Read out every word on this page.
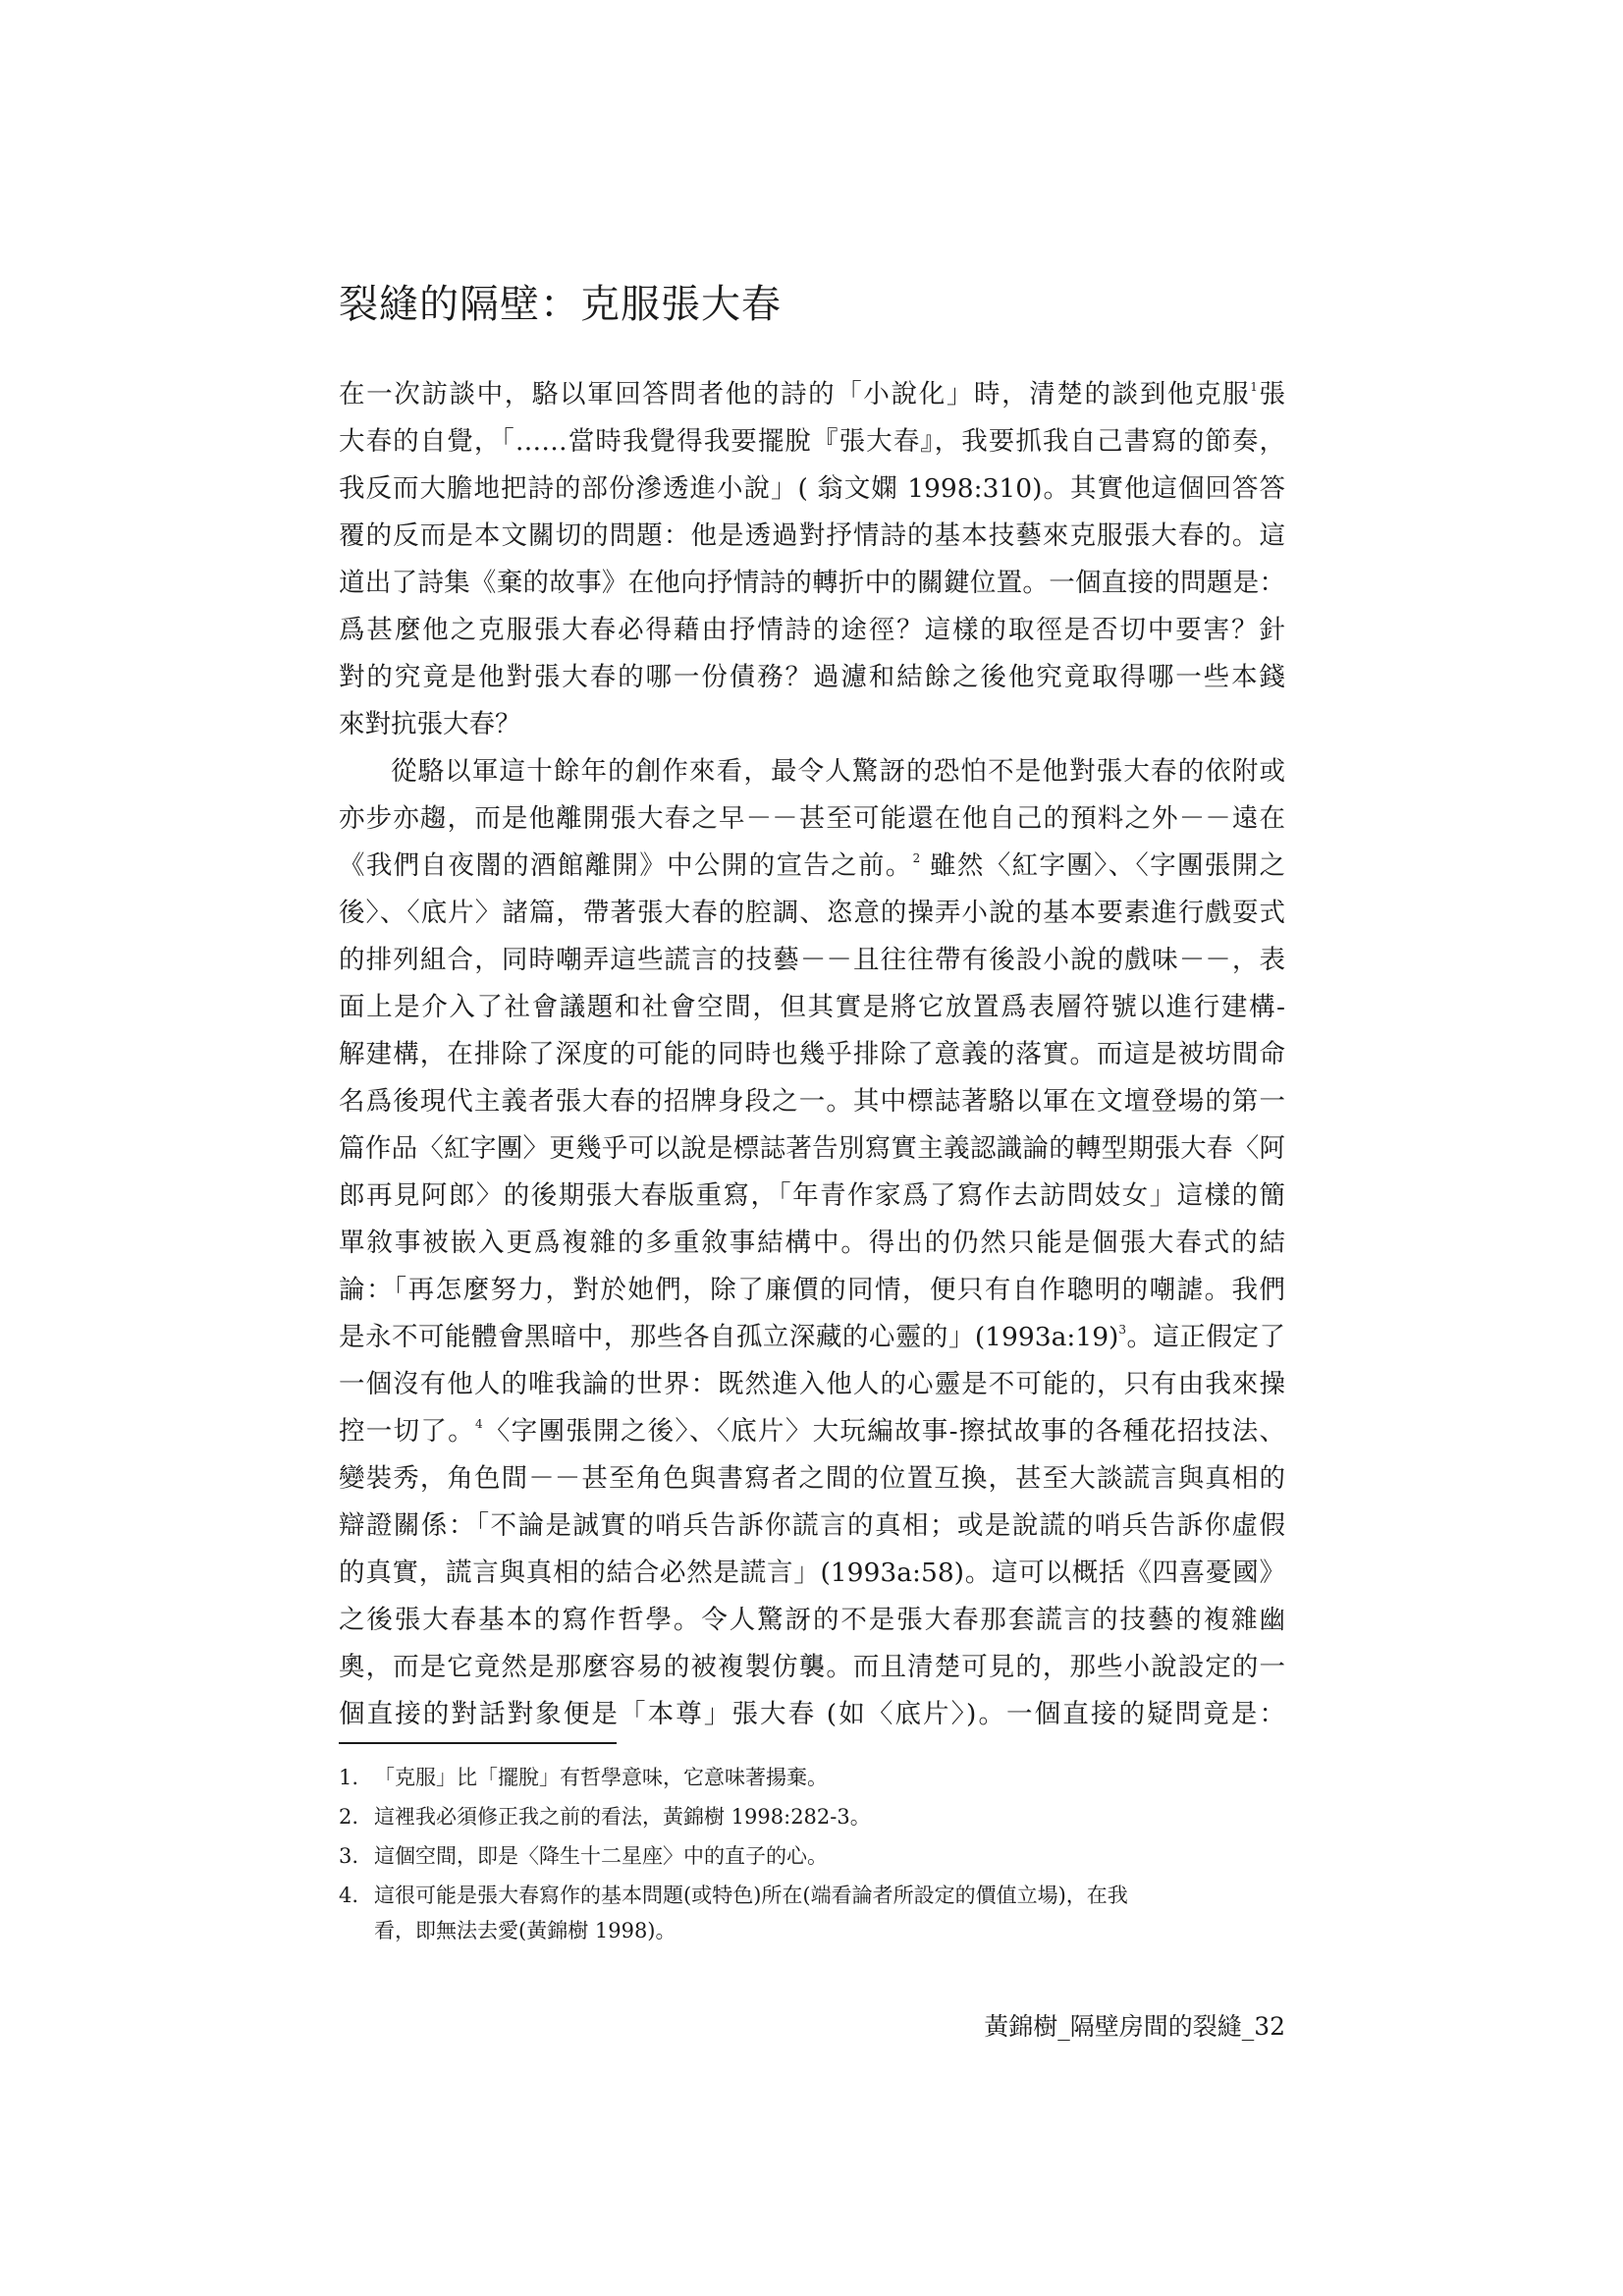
裂縫的隔壁：克服張大春

在一次訪談中，駱以軍回答問者他的詩的「小說化」時，清楚的談到他克服$^1$張
大春的自覺，「……當時我覺得我要擺脫『張大春』，我要抓我自己書寫的節奏，
我反而大膽地把詩的部份滲透進小說」( 翁文嫻 1998:310)。其實他這個回答答
覆的反而是本文關切的問題：他是透過對抒情詩的基本技藝來克服張大春的。這
道出了詩集《棄的故事》在他向抒情詩的轉折中的關鍵位置。一個直接的問題是：
爲甚麼他之克服張大春必得藉由抒情詩的途徑？這樣的取徑是否切中要害？針
對的究竟是他對張大春的哪一份債務？過濾和結餘之後他究竟取得哪一些本錢
來對抗張大春？

從駱以軍這十餘年的創作來看，最令人驚訝的恐怕不是他對張大春的依附或
亦步亦趨，而是他離開張大春之早－－甚至可能還在他自己的預料之外－－遠在
《我們自夜闇的酒館離開》中公開的宣告之前。$^2$ 雖然〈紅字團〉、〈字團張開之
後〉、〈底片〉諸篇，帶著張大春的腔調、恣意的操弄小說的基本要素進行戲耍式
的排列組合，同時嘲弄這些謊言的技藝－－且往往帶有後設小說的戲味－－，表
面上是介入了社會議題和社會空間，但其實是將它放置爲表層符號以進行建構-
解建構，在排除了深度的可能的同時也幾乎排除了意義的落實。而這是被坊間命
名爲後現代主義者張大春的招牌身段之一。其中標誌著駱以軍在文壇登場的第一
篇作品〈紅字團〉更幾乎可以說是標誌著告別寫實主義認識論的轉型期張大春〈阿
郎再見阿郎〉的後期張大春版重寫，「年青作家爲了寫作去訪問妓女」這樣的簡
單敘事被嵌入更爲複雜的多重敘事結構中。得出的仍然只能是個張大春式的結
論：「再怎麼努力，對於她們，除了廉價的同情，便只有自作聰明的嘲謔。我們
是永不可能體會黑暗中，那些各自孤立深藏的心靈的」(1993a:19)$^3$。這正假定了
一個沒有他人的唯我論的世界：既然進入他人的心靈是不可能的，只有由我來操
控一切了。$^4$〈字團張開之後〉、〈底片〉大玩編故事-擦拭故事的各種花招技法、
變裝秀，角色間－－甚至角色與書寫者之間的位置互換，甚至大談謊言與真相的
辯證關係：「不論是誠實的哨兵告訴你謊言的真相；或是說謊的哨兵告訴你虛假
的真實，謊言與真相的結合必然是謊言」(1993a:58)。這可以概括《四喜憂國》
之後張大春基本的寫作哲學。令人驚訝的不是張大春那套謊言的技藝的複雜幽
奧，而是它竟然是那麼容易的被複製仿襲。而且清楚可見的，那些小說設定的一
個直接的對話對象便是「本尊」張大春 (如〈底片〉)。一個直接的疑問竟是：

1. 「克服」比「擺脫」有哲學意味，它意味著揚棄。
2. 這裡我必須修正我之前的看法，黃錦樹 1998:282-3。
3. 這個空間，即是〈降生十二星座〉中的直子的心。
4. 這很可能是張大春寫作的基本問題(或特色)所在(端看論者所設定的價值立場)，在我
看，即無法去愛(黃錦樹 1998)。
黃錦樹_隔壁房間的裂縫_32
